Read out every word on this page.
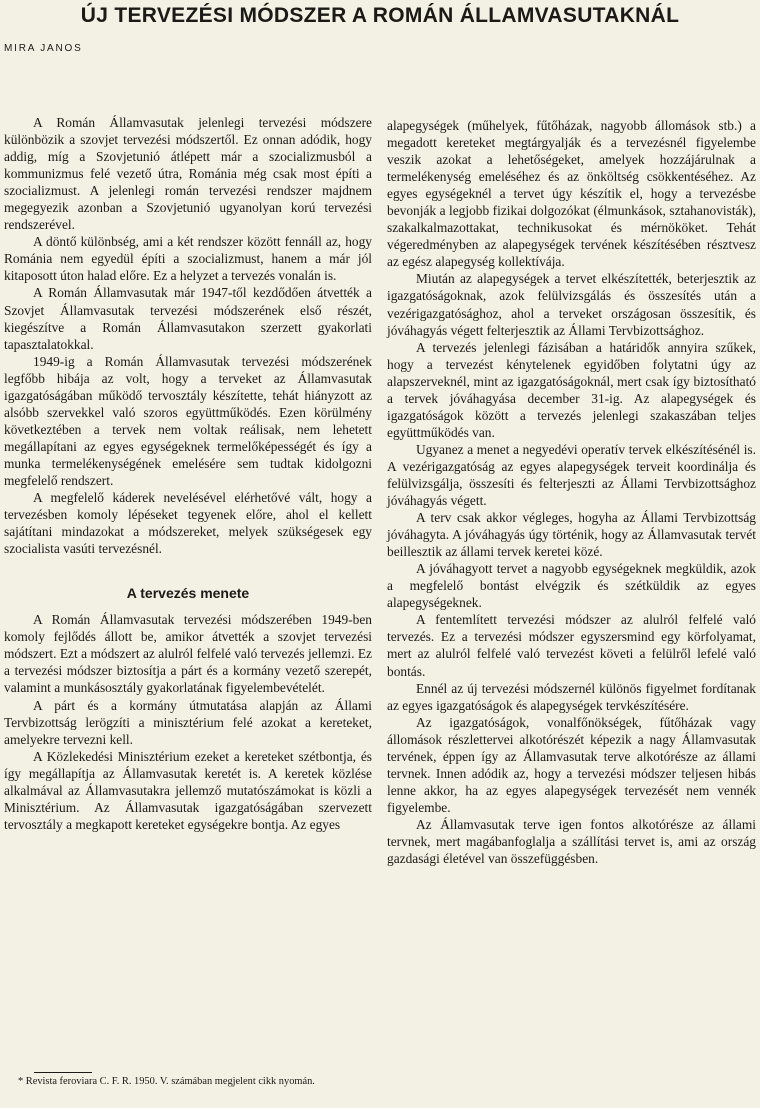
ÚJ TERVEZÉSI MÓDSZER A ROMÁN ÁLLAMVASUTAKNÁL
MIRA JANOS

A Román Államvasutak jelenlegi tervezési módszere különbözik a szovjet tervezési módszertől. Ez onnan adódik, hogy addig, míg a Szovjetunió átlépett már a szocializmusból a kommunizmus felé vezető útra, Románia még csak most építi a szocializmust. A jelenlegi román tervezési rendszer majdnem megegyezik azonban a Szovjetunió ugyanolyan korú tervezési rendszerével.

A döntő különbség, ami a két rendszer között fennáll az, hogy Románia nem egyedül építi a szocializmust, hanem a már jól kitaposott úton halad előre. Ez a helyzet a tervezés vonalán is.

A Román Államvasutak már 1947-től kezdődően átvették a Szovjet Államvasutak tervezési módszerének első részét, kiegészítve a Román Államvasutakon szerzett gyakorlati tapasztalatokkal.

1949-ig a Román Államvasutak tervezési módszerének legfőbb hibája az volt, hogy a terveket az Államvasutak igazgatóságában működő tervosztály készítette, tehát hiányzott az alsóbb szervekkel való szoros együttműködés. Ezen körülmény következtében a tervek nem voltak reálisak, nem lehetett megállapítani az egyes egységeknek termelőképességét és így a munka termelékenységének emelésére sem tudtak kidolgozni megfelelő rendszert.

A megfelelő káderek nevelésével elérhetővé vált, hogy a tervezésben komoly lépéseket tegyenek előre, ahol el kellett sajátítani mindazokat a módszereket, melyek szükségesek egy szocialista vasúti tervezésnél.

A tervezés menete

A Román Államvasutak tervezési módszerében 1949-ben komoly fejlődés állott be, amikor átvették a szovjet tervezési módszert. Ezt a módszert az alulról felfelé való tervezés jellemzi. Ez a tervezési módszer biztosítja a párt és a kormány vezető szerepét, valamint a munkásosztály gyakorlatának figyelembevételét.

A párt és a kormány útmutatása alapján az Állami Tervbizottság lerögzíti a minisztérium felé azokat a kereteket, amelyekre tervezni kell.

A Közlekedési Minisztérium ezeket a kereteket szétbontja, és így megállapítja az Államvasutak keretét is. A keretek közlése alkalmával az Államvasutakra jellemző mutatószámokat is közli a Minisztérium. Az Államvasutak igazgatóságában szervezett tervosztály a megkapott kereteket egységekre bontja. Az egyes

* Revista feroviara C. F. R. 1950. V. számában megjelent cikk nyomán.

alapegységek (műhelyek, fűtőházak, nagyobb állomások stb.) a megadott kereteket megtárgyalják és a tervezésnél figyelembe veszik azokat a lehetőségeket, amelyek hozzájárulnak a termelékenység emeléséhez és az önköltség csökkentéséhez. Az egyes egységeknél a tervet úgy készítik el, hogy a tervezésbe bevonják a legjobb fizikai dolgozókat (élmunkások, sztahanovisták), szakalkalmazottakat, technikusokat és mérnököket. Tehát végeredményben az alapegységek tervének készítésében résztvesz az egész alapegység kollektívája.

Miután az alapegységek a tervet elkészítették, beterjesztik az igazgatóságoknak, azok felülvizsgálás és összesítés után a vezérigazgatósághoz, ahol a terveket országosan összesítik, és jóváhagyás végett felterjesztik az Állami Tervbizottsághoz.

A tervezés jelenlegi fázisában a határidők annyira szűkek, hogy a tervezést kénytelenek egyidőben folytatni úgy az alapszerveknél, mint az igazgatóságoknál, mert csak így biztosítható a tervek jóváhagyása december 31-ig. Az alapegységek és igazgatóságok között a tervezés jelenlegi szakaszában teljes együttműködés van.

Ugyanez a menet a negyedévi operatív tervek elkészítésénél is. A vezérigazgatóság az egyes alapegységek terveit koordinálja és felülvizsgálja, összesíti és felterjeszti az Állami Tervbizottsághoz jóváhagyás végett.

A terv csak akkor végleges, hogyha az Állami Tervbizottság jóváhagyta. A jóváhagyás úgy történik, hogy az Államvasutak tervét beillesztik az állami tervek keretei közé.

A jóváhagyott tervet a nagyobb egységeknek megküldik, azok a megfelelő bontást elvégzik és szétküldik az egyes alapegységeknek.

A fentemlített tervezési módszer az alulról felfelé való tervezés. Ez a tervezési módszer egyszersmind egy körfolyamat, mert az alulról felfelé való tervezést követi a felülről lefelé való bontás.

Ennél az új tervezési módszernél különös figyelmet fordítanak az egyes igazgatóságok és alapegységek tervkészítésére.

Az igazgatóságok, vonalfőnökségek, fűtőházak vagy állomások részlettervei alkotórészét képezik a nagy Államvasutak tervének, éppen így az Államvasutak terve alkotórésze az állami tervnek. Innen adódik az, hogy a tervezési módszer teljesen hibás lenne akkor, ha az egyes alapegységek tervezését nem vennék figyelembe.

Az Államvasutak terve igen fontos alkotórésze az állami tervnek, mert magábanfoglalja a szállítási tervet is, ami az ország gazdasági életével van összefüggésben.
